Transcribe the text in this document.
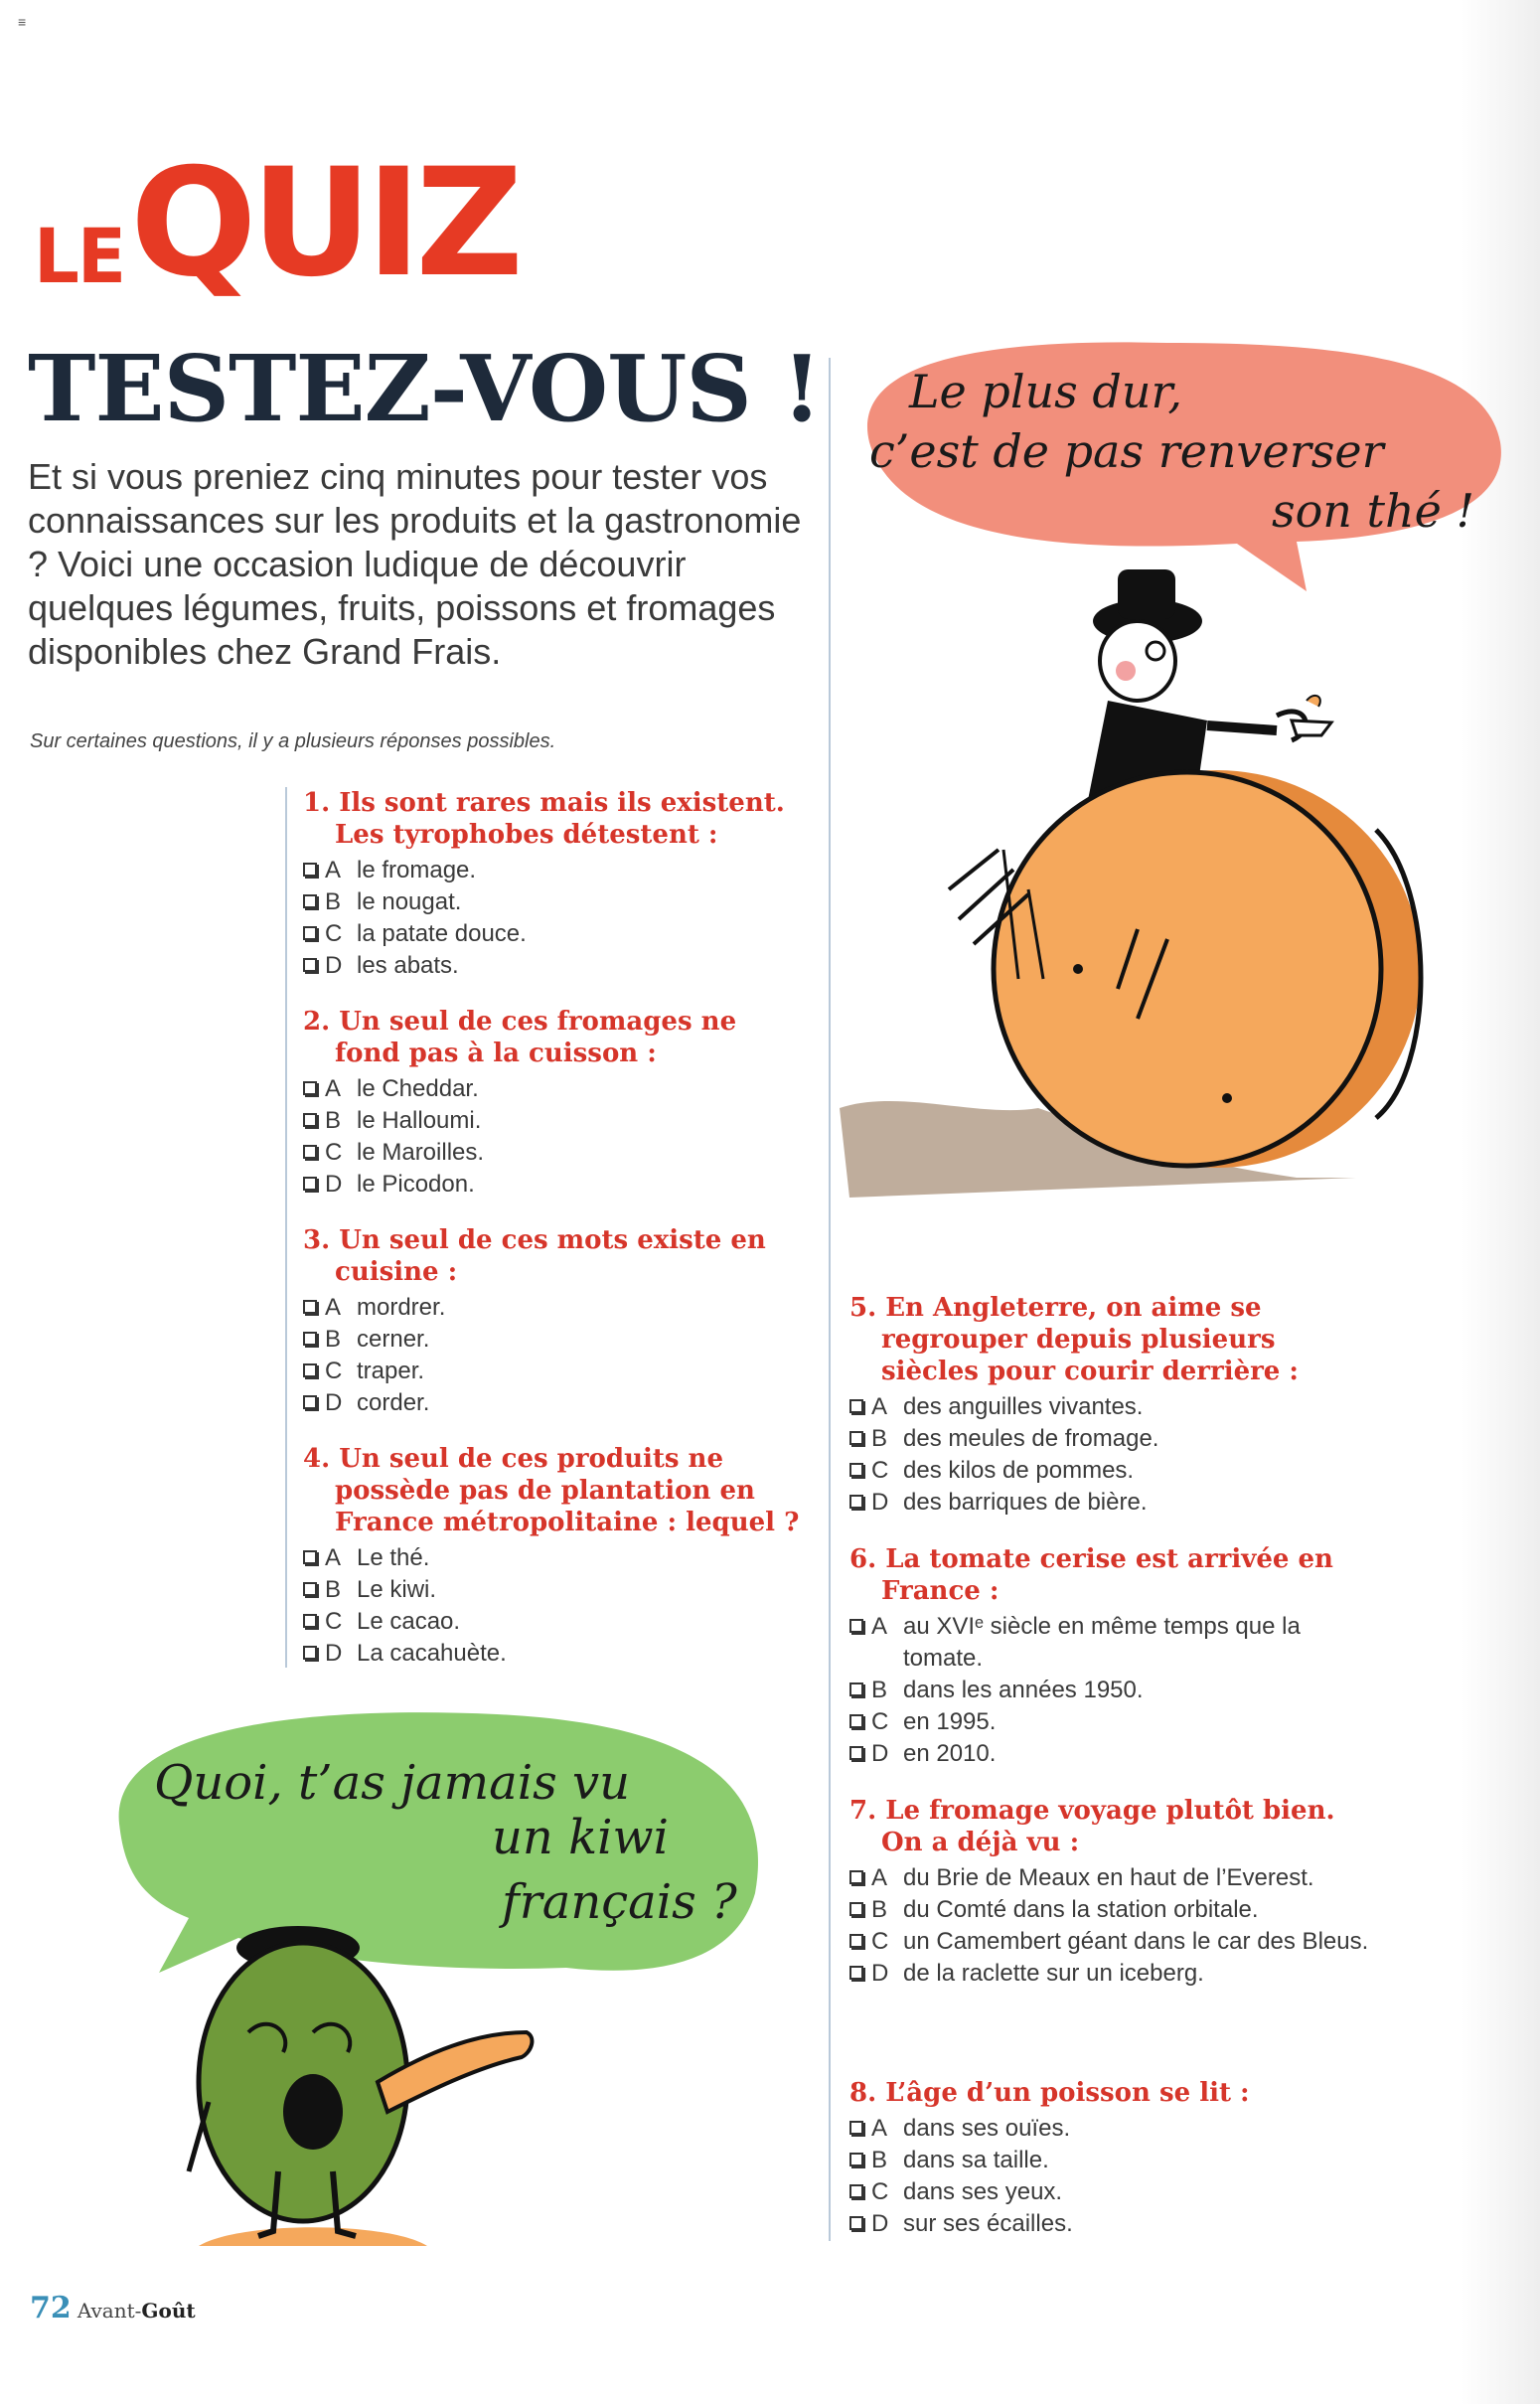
≡
LEQUIZ
TESTEZ-VOUS !
Et si vous preniez cinq minutes pour tester vos connaissances sur les produits et la gastronomie ? Voici une occasion ludique de découvrir quelques légumes, fruits, poissons et fromages disponibles chez Grand Frais.
Sur certaines questions, il y a plusieurs réponses possibles.
1. Ils sont rares mais ils existent. Les tyrophobes détestent :
A le fromage.
B le nougat.
C la patate douce.
D les abats.
2. Un seul de ces fromages ne fond pas à la cuisson :
A le Cheddar.
B le Halloumi.
C le Maroilles.
D le Picodon.
3. Un seul de ces mots existe en cuisine :
A mordrer.
B cerner.
C traper.
D corder.
4. Un seul de ces produits ne possède pas de plantation en France métropolitaine : lequel ?
A Le thé.
B Le kiwi.
C Le cacao.
D La cacahuète.
5. En Angleterre, on aime se regrouper depuis plusieurs siècles pour courir derrière :
A des anguilles vivantes.
B des meules de fromage.
C des kilos de pommes.
D des barriques de bière.
6. La tomate cerise est arrivée en France :
A au XVIᵉ siècle en même temps que la tomate.
B dans les années 1950.
C en 1995.
D en 2010.
7. Le fromage voyage plutôt bien. On a déjà vu :
A du Brie de Meaux en haut de l’Everest.
B du Comté dans la station orbitale.
C un Camembert géant dans le car des Bleus.
D de la raclette sur un iceberg.
8. L’âge d’un poisson se lit :
A dans ses ouïes.
B dans sa taille.
C dans ses yeux.
D sur ses écailles.
Le plus dur,
c’est de pas renverser
son thé !
Quoi, t’as jamais vu
un kiwi
français ?
72 Avant-Goût
